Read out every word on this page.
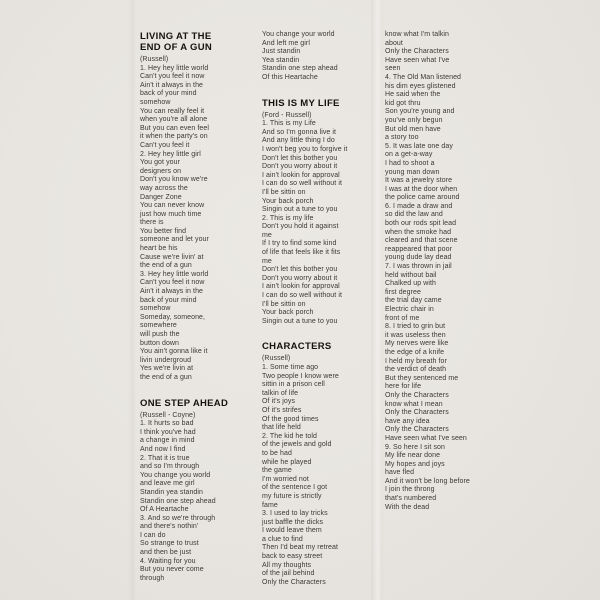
LIVING AT THE
END OF A GUN
(Russell)
1. Hey hey little world
Can't you feel it now
Ain't it always in the
back of your mind
somehow
You can really feel it
when you're all alone
But you can even feel
it when the party's on
Can't you feel it
2. Hey hey little girl
You got your
designers on
Don't you know we're
way across the
Danger Zone
You can never know
just how much time
there is
You better find
someone and let your
heart be his
Cause we're livin' at
the end of a gun
3. Hey hey little world
Can't you feel it now
Ain't it always in the
back of your mind
somehow
Someday, someone,
somewhere
will push the
button down
You ain't gonna like it
livin undergroud
Yes we're livin at
the end of a gun
ONE STEP AHEAD
(Russell - Coyne)
1. It hurts so bad
I think you've had
a change in mind
And now I find
2. That it is true
and so I'm through
You change you world
and leave me girl
Standin yea standin
Standin one step ahead
Of A Heartache
3. And so we're through
and there's nothin'
I can do
So strange to trust
and then be just
4. Waiting for you
But you never come
through
You change your world
And left me girl
Just standin
Yea standin
Standin one step ahead
Of this Heartache
THIS IS MY LIFE
(Ford - Russell)
1. This is my Life
And so I'm gonna live it
And any little thing I do
I won't beg you to forgive it
Don't let this bother you
Don't you worry about it
I ain't lookin for approval
I can do so well without it
I'll be sittin on
Your back porch
Singin out a tune to you
2. This is my life
Don't you hold it against
me
If I try to find some kind
of life that feels like it fits
me
Don't let this bother you
Don't you worry about it
I ain't lookin for approval
I can do so well without it
I'll be sittin on
Your back porch
Singin out a tune to you
CHARACTERS
(Russell)
1. Some time ago
Two people I know were
sittin in a prison cell
talkin of life
Of it's joys
Of it's strifes
Of the good times
that life held
2. The kid he told
of the jewels and gold
to be had
while he played
the game
I'm worried not
of the sentence I got
my future is strictly
fame
3. I used to lay tricks
just baffle the dicks
I would leave them
a clue to find
Then I'd beat my retreat
back to easy street
All my thoughts
of the jail behind
Only the Characters
know what I'm talkin
about
Only the Characters
Have seen what I've
seen
4. The Old Man listened
his dim eyes glistened
He said when the
kid got thru
Son you're young and
you've only begun
But old men have
a story too
5. It was late one day
on a get-a-way
I had to shoot a
young man down
It was a jewelry store
I was at the door when
the police came around
6. I made a draw and
so did the law and
both our rods spit lead
when the smoke had
cleared and that scene
reappeared that poor
young dude lay dead
7. I was thrown in jail
held without bail
Chalked up with
first degree
the trial day came
Electric chair in
front of me
8. I tried to grin but
it was useless then
My nerves were like
the edge of a knife
I held my breath for
the verdict of death
But they sentenced me
here for life
Only the Characters
know what I mean
Only the Characters
have any idea
Only the Characters
Have seen what I've seen
9. So here I sit son
My life near done
My hopes and joys
have fled
And it won't be long before
I join the throng
that's numbered
With the dead
